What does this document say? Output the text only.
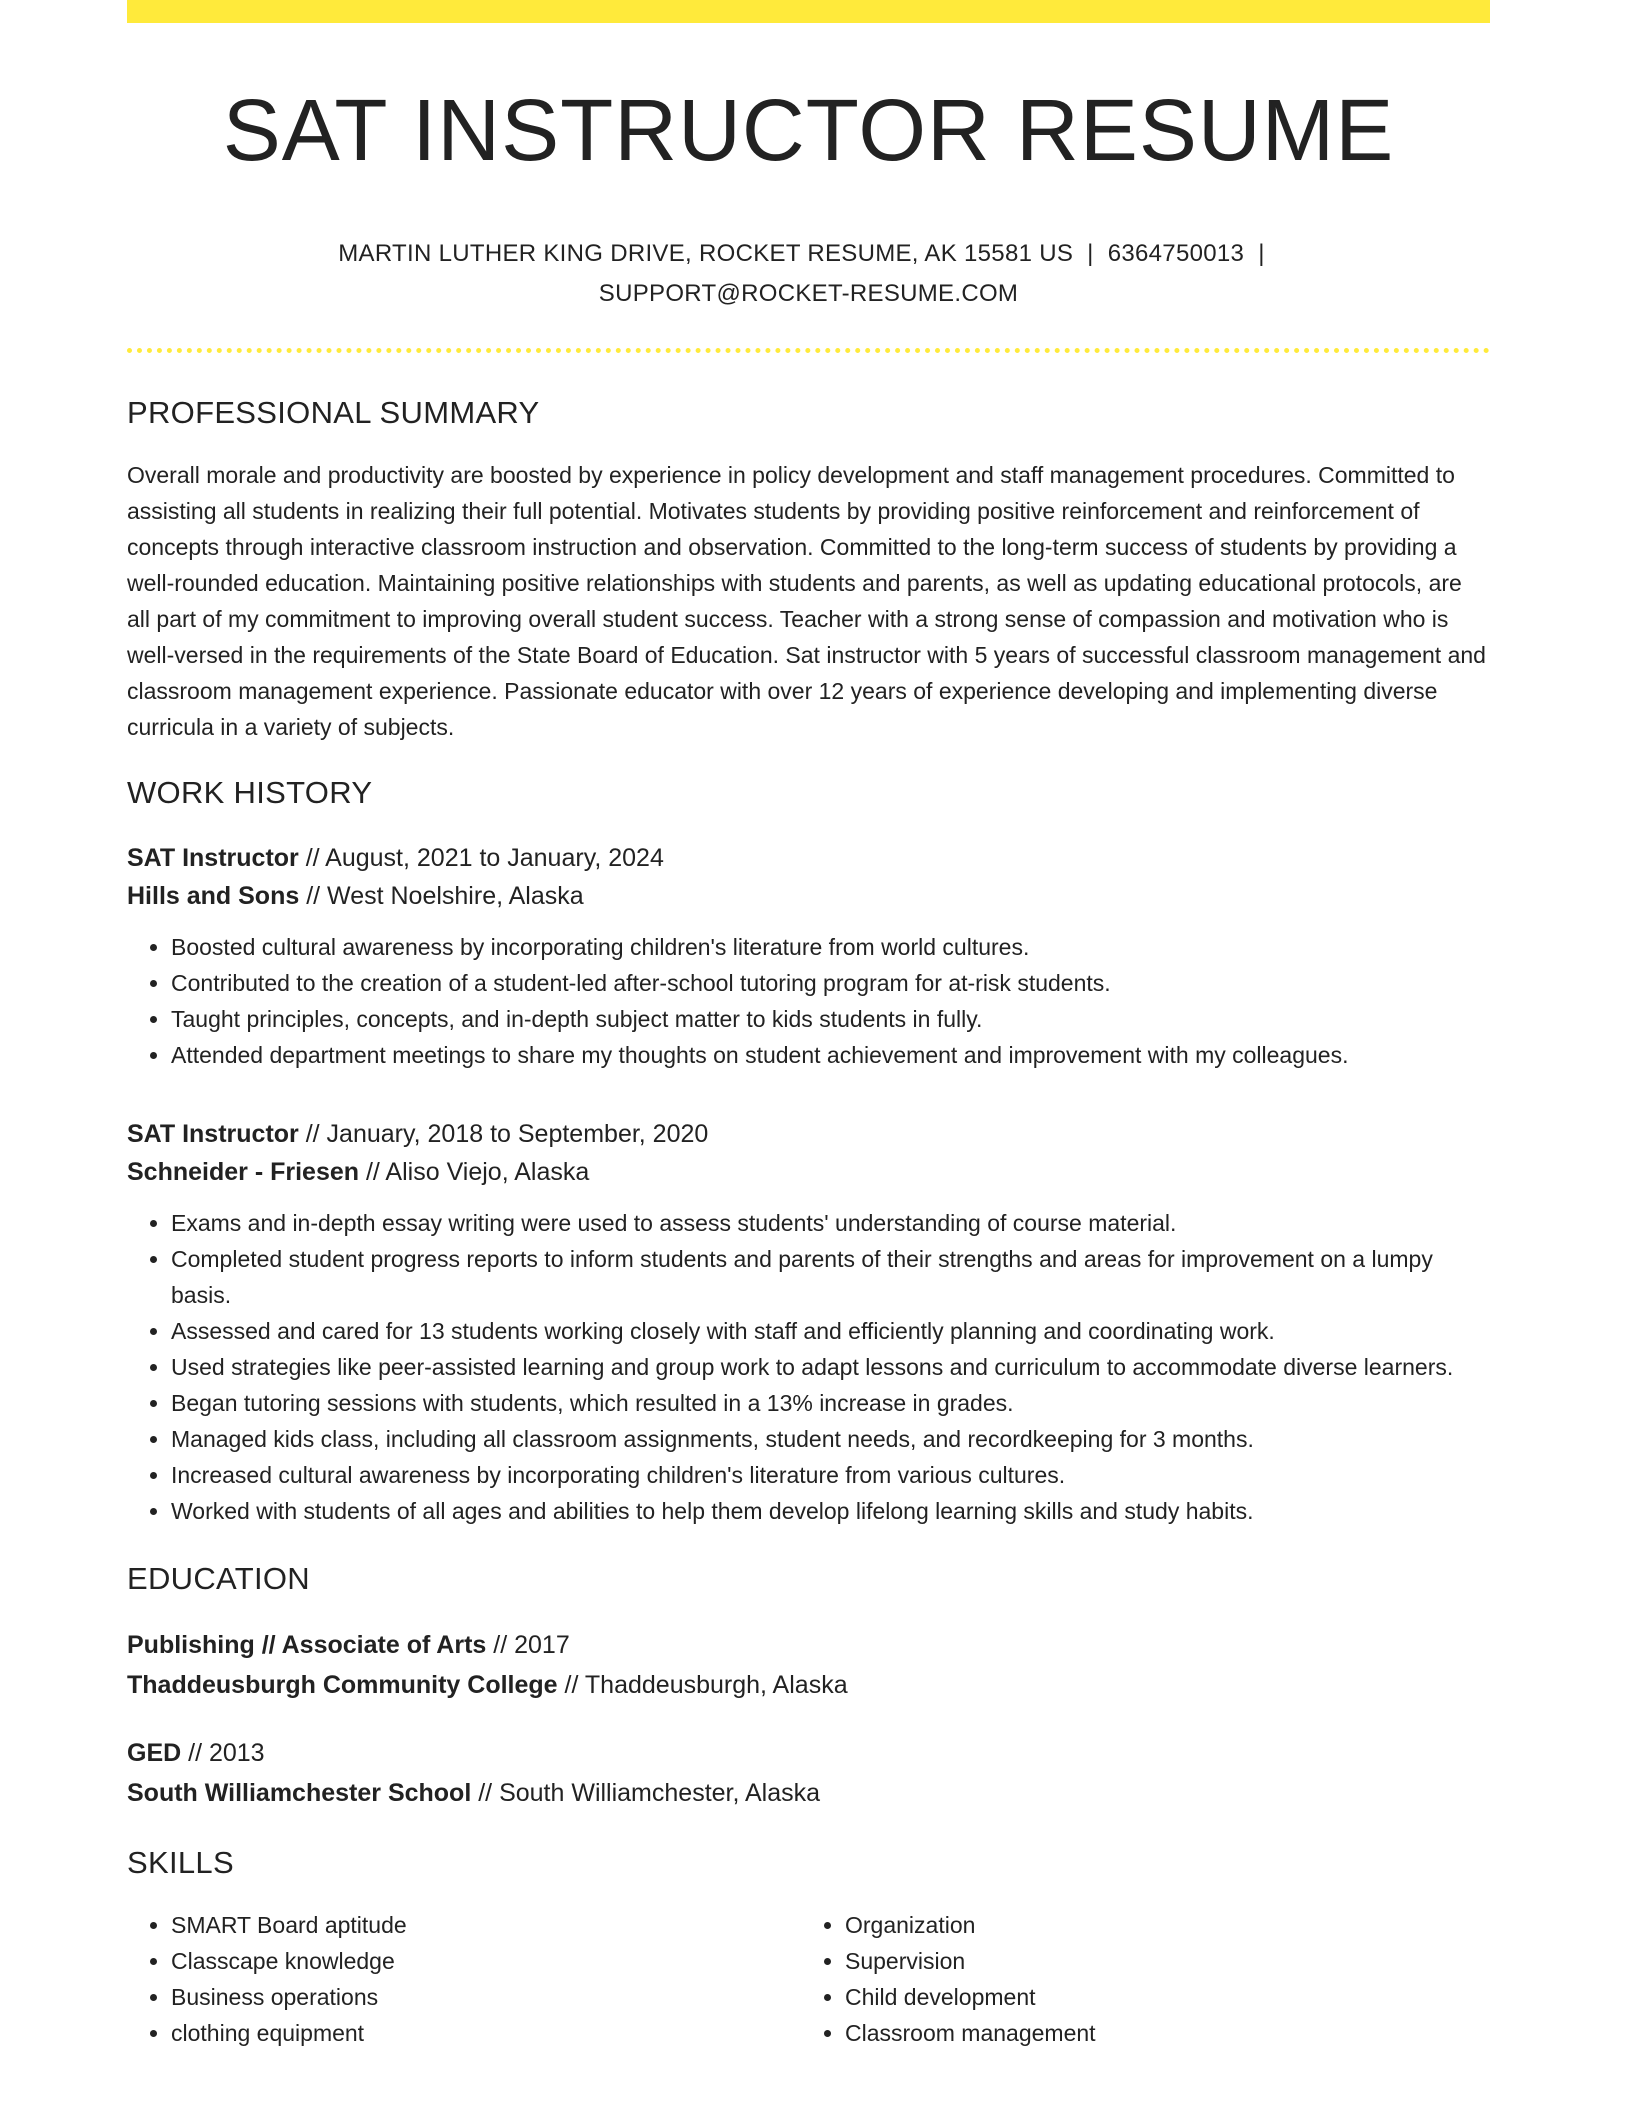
SAT INSTRUCTOR RESUME
MARTIN LUTHER KING DRIVE, ROCKET RESUME, AK 15581 US | 6364750013 |
SUPPORT@ROCKET-RESUME.COM
PROFESSIONAL SUMMARY

Overall morale and productivity are boosted by experience in policy development and staff management procedures. Committed to assisting all students in realizing their full potential. Motivates students by providing positive reinforcement and reinforcement of concepts through interactive classroom instruction and observation. Committed to the long-term success of students by providing a well-rounded education. Maintaining positive relationships with students and parents, as well as updating educational protocols, are all part of my commitment to improving overall student success. Teacher with a strong sense of compassion and motivation who is well-versed in the requirements of the State Board of Education. Sat instructor with 5 years of successful classroom management and classroom management experience. Passionate educator with over 12 years of experience developing and implementing diverse curricula in a variety of subjects.

WORK HISTORY
SAT Instructor // August, 2021 to January, 2024
Hills and Sons // West Noelshire, Alaska
• Boosted cultural awareness by incorporating children's literature from world cultures.
• Contributed to the creation of a student-led after-school tutoring program for at-risk students.
• Taught principles, concepts, and in-depth subject matter to kids students in fully.
• Attended department meetings to share my thoughts on student achievement and improvement with my colleagues.
SAT Instructor // January, 2018 to September, 2020
Schneider - Friesen // Aliso Viejo, Alaska
• Exams and in-depth essay writing were used to assess students' understanding of course material.
• Completed student progress reports to inform students and parents of their strengths and areas for improvement on a lumpy basis.
• Assessed and cared for 13 students working closely with staff and efficiently planning and coordinating work.
• Used strategies like peer-assisted learning and group work to adapt lessons and curriculum to accommodate diverse learners.
• Began tutoring sessions with students, which resulted in a 13% increase in grades.
• Managed kids class, including all classroom assignments, student needs, and recordkeeping for 3 months.
• Increased cultural awareness by incorporating children's literature from various cultures.
• Worked with students of all ages and abilities to help them develop lifelong learning skills and study habits.
EDUCATION
Publishing // Associate of Arts // 2017
Thaddeusburgh Community College // Thaddeusburgh, Alaska
GED // 2013
South Williamchester School // South Williamchester, Alaska
SKILLS
• SMART Board aptitude
• Classcape knowledge
• Business operations
• clothing equipment
• Organization
• Supervision
• Child development
• Classroom management
